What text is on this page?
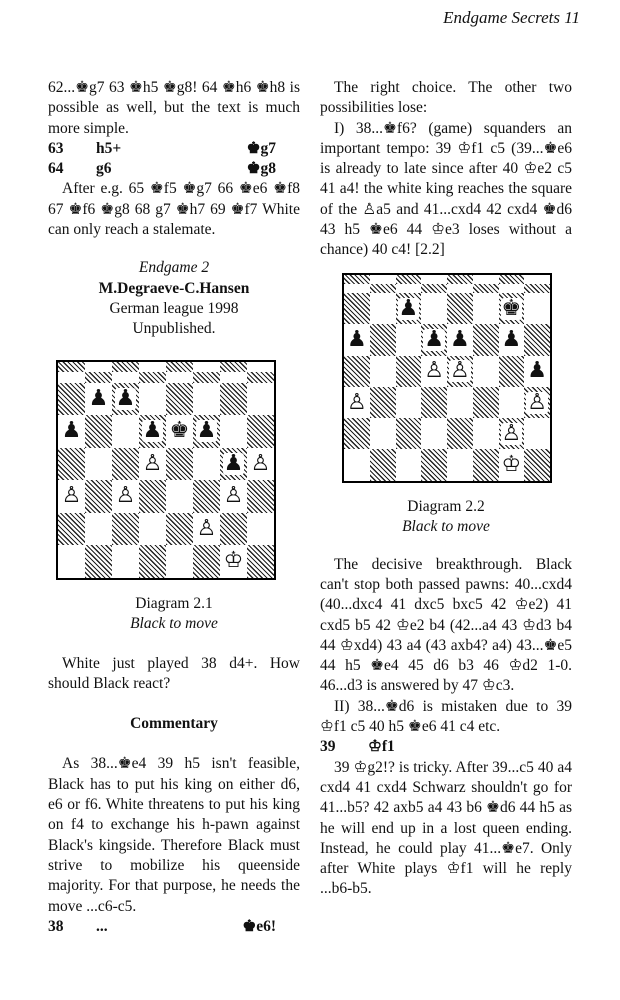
Endgame Secrets 11

62...♚g7 63 ♚h5 ♚g8! 64 ♚h6 ♚h8 is possible as well, but the text is much more simple.

63	h5+	♚g7
64	g6	♚g8

After e.g. 65 ♚f5 ♚g7 66 ♚e6 ♚f8 67 ♚f6 ♚g8 68 g7 ♚h7 69 ♚f7 White can only reach a stalemate.

Endgame 2
M.Degraeve-C.Hansen
German league 1998
Unpublished.
♟ ♟
♟	♟ ♚ ♟
♙	♟ ♙
♙ ♙	♙
♙
♔
Diagram 2.1
Black to move

White just played 38 d4+. How should Black react?

Commentary

As 38...♚e4 39 h5 isn't feasible, Black has to put his king on either d6, e6 or f6. White threatens to put his king on f4 to exchange his h-pawn against Black's kingside. Therefore Black must strive to mobilize his queenside majority. For that purpose, he needs the move ...c6-c5.

38	...	♚e6!

The right choice. The other two possibilities lose:

I) 38...♚f6? (game) squanders an important tempo: 39 ♔f1 c5 (39...♚e6 is already to late since after 40 ♔e2 c5 41 a4! the white king reaches the square of the ♙a5 and 41...cxd4 42 cxd4 ♚d6 43 h5 ♚e6 44 ♔e3 loses without a chance) 40 c4! [2.2]

♟	♚
♟	♟ ♟ ♟
♙ ♙	♟
♙	♙
♙
♔
Diagram 2.2
Black to move

The decisive breakthrough. Black can't stop both passed pawns: 40...cxd4 (40...dxc4 41 dxc5 bxc5 42 ♔e2) 41 cxd5 b5 42 ♔e2 b4 (42...a4 43 ♔d3 b4 44 ♔xd4) 43 a4 (43 axb4? a4) 43...♚e5 44 h5 ♚e4 45 d6 b3 46 ♔d2 1-0. 46...d3 is answered by 47 ♔c3.

II) 38...♚d6 is mistaken due to 39 ♔f1 c5 40 h5 ♚e6 41 c4 etc.

39	♔f1

39 ♔g2!? is tricky. After 39...c5 40 a4 cxd4 41 cxd4 Schwarz shouldn't go for 41...b5? 42 axb5 a4 43 b6 ♚d6 44 h5 as he will end up in a lost queen ending. Instead, he could play 41...♚e7. Only after White plays ♔f1 will he reply ...b6-b5.
